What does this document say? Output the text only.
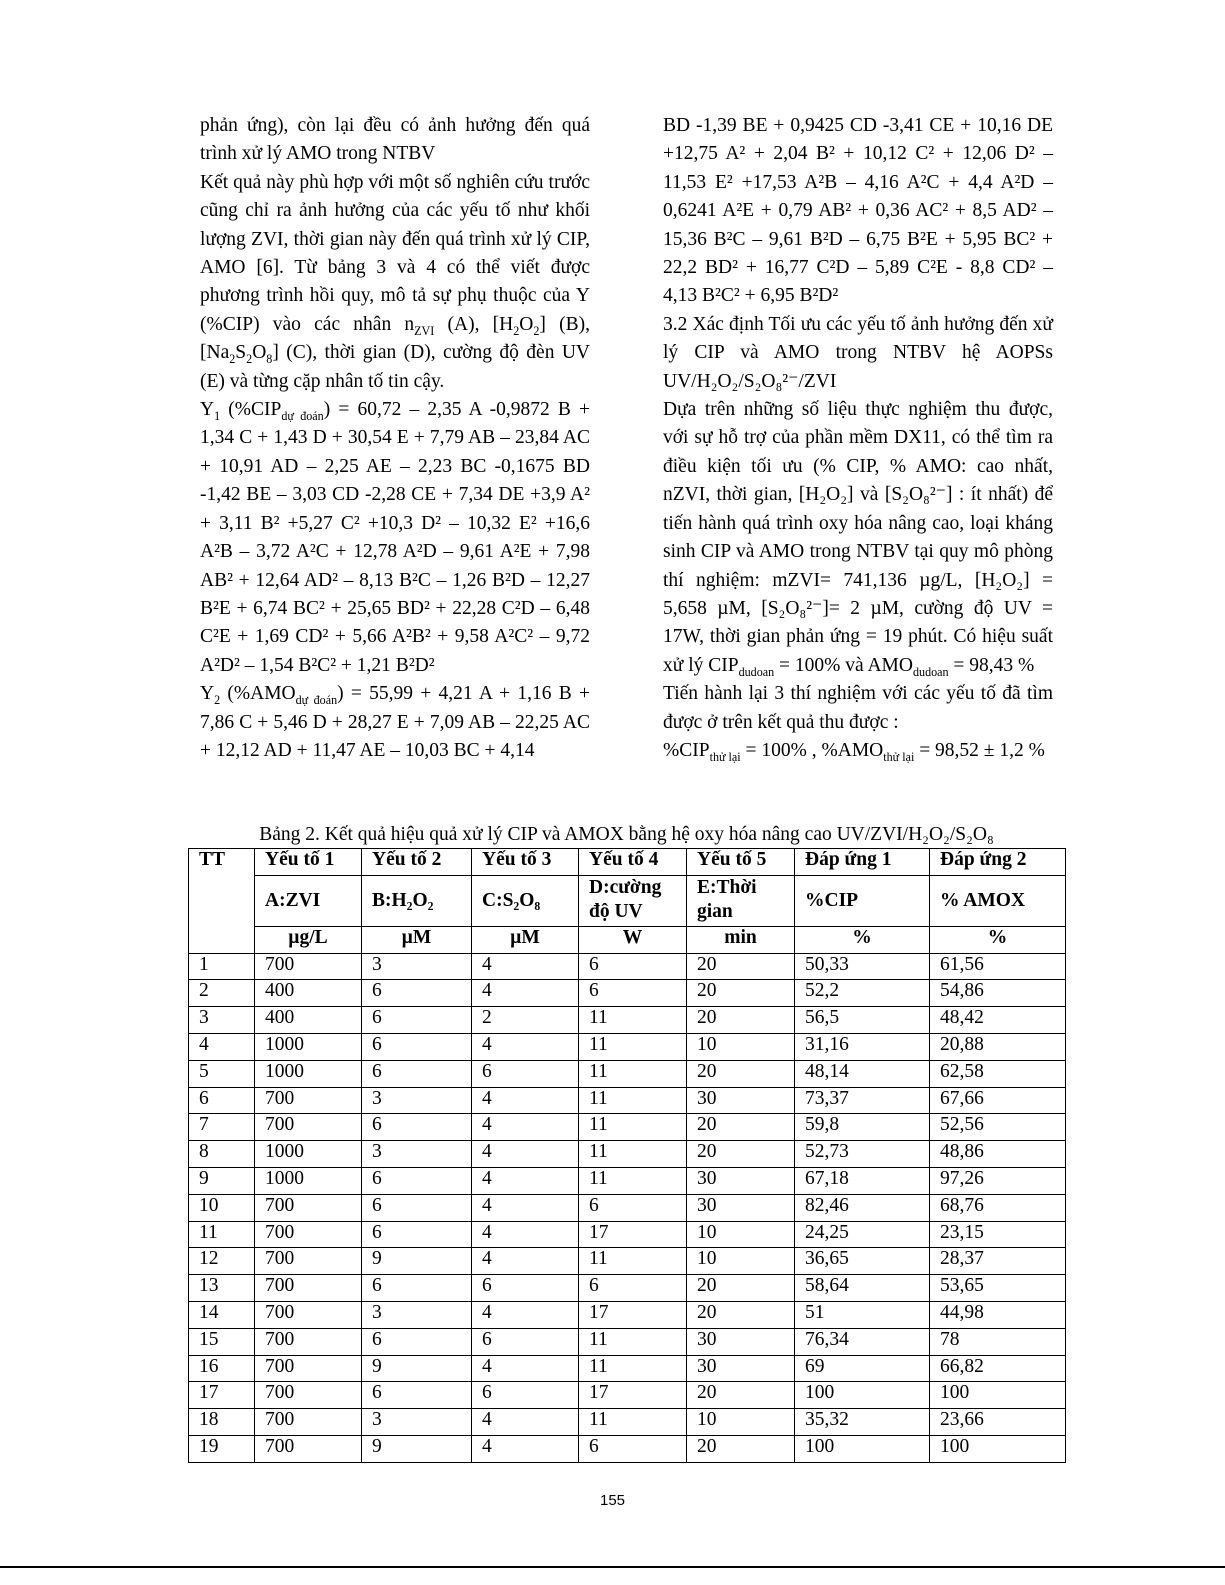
phản ứng), còn lại đều có ảnh hưởng đến quá trình xử lý AMO trong NTBV

Kết quả này phù hợp với một số nghiên cứu trước cũng chỉ ra ảnh hưởng của các yếu tố như khối lượng ZVI, thời gian này đến quá trình xử lý CIP, AMO [6]. Từ bảng 3 và 4 có thể viết được phương trình hồi quy, mô tả sự phụ thuộc của Y (%CIP) vào các nhân $n_{ZVI}$ (A), $[H_2O_2]$ (B), $[Na_2S_2O_8]$ (C), thời gian (D), cường độ đèn UV (E) và từng cặp nhân tố tin cậy.

$Y_1$ $(\%CIP_{dự đoán}) = 60,72 - 2,35$ A -0,9872 B + 1,34 C + 1,43 D + 30,54 E + 7,79 AB – 23,84 AC + 10,91 AD – 2,25 AE – 2,23 BC -0,1675 BD -1,42 BE – 3,03 CD -2,28 CE + 7,34 DE +3,9 A² + 3,11 B² +5,27 C² +10,3 D² – 10,32 E² +16,6 A²B – 3,72 A²C + 12,78 A²D – 9,61 A²E + 7,98 AB² + 12,64 AD² – 8,13 B²C – 1,26 B²D – 12,27 B²E + 6,74 BC² + 25,65 BD² + 22,28 C²D – 6,48 C²E + 1,69 CD² + 5,66 A²B² + 9,58 A²C² – 9,72 A²D² – 1,54 B²C² + 1,21 B²D²

$Y_2$ $(\%AMO_{dự đoán}) = 55,99 + 4,21$ A + 1,16 B + 7,86 C + 5,46 D + 28,27 E + 7,09 AB – 22,25 AC + 12,12 AD + 11,47 AE – 10,03 BC + 4,14

BD -1,39 BE + 0,9425 CD -3,41 CE + 10,16 DE +12,75 A² + 2,04 B² + 10,12 C² + 12,06 D² – 11,53 E² +17,53 A²B – 4,16 A²C + 4,4 A²D – 0,6241 A²E + 0,79 AB² + 0,36 AC² + 8,5 AD² – 15,36 B²C – 9,61 B²D – 6,75 B²E + 5,95 BC² + 22,2 BD² + 16,77 C²D – 5,89 C²E - 8,8 CD² – 4,13 B²C² + 6,95 B²D²

3.2 Xác định Tối ưu các yếu tố ảnh hưởng đến xử lý CIP và AMO trong NTBV hệ AOPSs UV/H₂O₂/S₂O₈²⁻/ZVI

Dựa trên những số liệu thực nghiệm thu được, với sự hỗ trợ của phần mềm DX11, có thể tìm ra điều kiện tối ưu (% CIP, % AMO: cao nhất, nZVI, thời gian, [H₂O₂] và [S₂O₈²⁻] : ít nhất) để tiến hành quá trình oxy hóa nâng cao, loại kháng sinh CIP và AMO trong NTBV tại quy mô phòng thí nghiệm: mZVI= 741,136 µg/L, [H₂O₂] = 5,658 µM, [S₂O₈²⁻]= 2 µM, cường độ UV = 17W, thời gian phản ứng = 19 phút. Có hiệu suất xử lý $CIP_{dudoan} = 100\%$ và $AMO_{dudoan} = 98,43$ %

Tiến hành lại 3 thí nghiệm với các yếu tố đã tìm được ở trên kết quả thu được :

$\%CIP_{thử lại} = 100\%$ , $\%AMO_{thử lại} = 98,52 \pm 1,2$ %

Bảng 2. Kết quả hiệu quả xử lý CIP và AMOX bằng hệ oxy hóa nâng cao UV/ZVI/H₂O₂/S₂O₈
TT	Yếu tố 1	Yếu tố 2	Yếu tố 3	Yếu tố 4	Yếu tố 5	Đáp ứng 1	Đáp ứng 2
	A:ZVI	B:H₂O₂	C:S₂O₈	D:cường độ UV	E:Thời gian	%CIP	% AMOX
	µg/L	µM	µM	W	min	%	%
1	700	3	4	6	20	50,33	61,56
2	400	6	4	6	20	52,2	54,86
3	400	6	2	11	20	56,5	48,42
4	1000	6	4	11	10	31,16	20,88
5	1000	6	6	11	20	48,14	62,58
6	700	3	4	11	30	73,37	67,66
7	700	6	4	11	20	59,8	52,56
8	1000	3	4	11	20	52,73	48,86
9	1000	6	4	11	30	67,18	97,26
10	700	6	4	6	30	82,46	68,76
11	700	6	4	17	10	24,25	23,15
12	700	9	4	11	10	36,65	28,37
13	700	6	6	6	20	58,64	53,65
14	700	3	4	17	20	51	44,98
15	700	6	6	11	30	76,34	78
16	700	9	4	11	30	69	66,82
17	700	6	6	17	20	100	100
18	700	3	4	11	10	35,32	23,66
19	700	9	4	6	20	100	100
155
